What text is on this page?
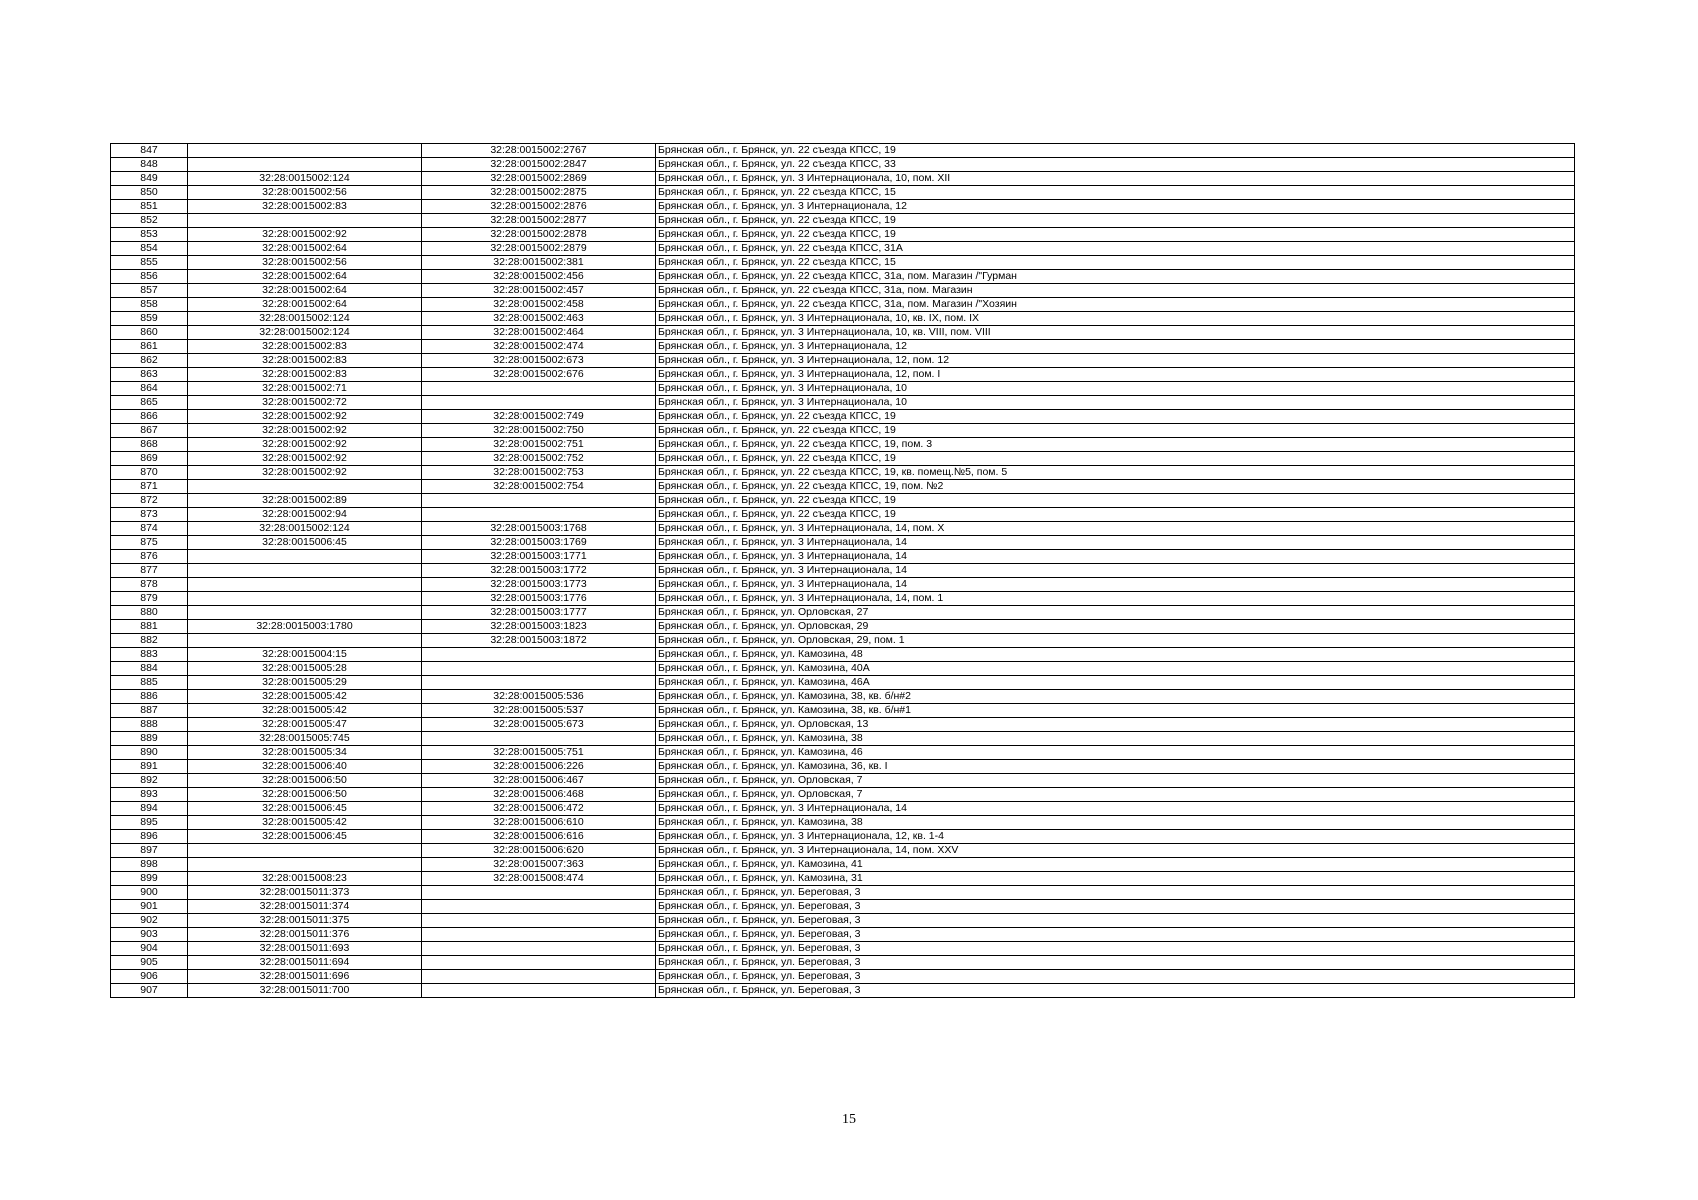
847		32:28:0015002:2767	Брянская обл., г. Брянск, ул. 22 съезда КПСС, 19
848		32:28:0015002:2847	Брянская обл., г. Брянск, ул. 22 съезда КПСС, 33
849	32:28:0015002:124	32:28:0015002:2869	Брянская обл., г. Брянск, ул. 3 Интернационала, 10, пом. XII
850	32:28:0015002:56	32:28:0015002:2875	Брянская обл., г. Брянск, ул. 22 съезда КПСС, 15
851	32:28:0015002:83	32:28:0015002:2876	Брянская обл., г. Брянск, ул. 3 Интернационала, 12
852		32:28:0015002:2877	Брянская обл., г. Брянск, ул. 22 съезда КПСС, 19
853	32:28:0015002:92	32:28:0015002:2878	Брянская обл., г. Брянск, ул. 22 съезда КПСС, 19
854	32:28:0015002:64	32:28:0015002:2879	Брянская обл., г. Брянск, ул. 22 съезда КПСС, 31А
855	32:28:0015002:56	32:28:0015002:381	Брянская обл., г. Брянск, ул. 22 съезда КПСС, 15
856	32:28:0015002:64	32:28:0015002:456	Брянская обл., г. Брянск, ул. 22 съезда КПСС, 31а, пом. Магазин /"Гурман
857	32:28:0015002:64	32:28:0015002:457	Брянская обл., г. Брянск, ул. 22 съезда КПСС, 31а, пом. Магазин
858	32:28:0015002:64	32:28:0015002:458	Брянская обл., г. Брянск, ул. 22 съезда КПСС, 31а, пом. Магазин /"Хозяин
859	32:28:0015002:124	32:28:0015002:463	Брянская обл., г. Брянск, ул. 3 Интернационала, 10, кв. IX, пом. IX
860	32:28:0015002:124	32:28:0015002:464	Брянская обл., г. Брянск, ул. 3 Интернационала, 10, кв. VIII, пом. VIII
861	32:28:0015002:83	32:28:0015002:474	Брянская обл., г. Брянск, ул. 3 Интернационала, 12
862	32:28:0015002:83	32:28:0015002:673	Брянская обл., г. Брянск, ул. 3 Интернационала, 12, пом. 12
863	32:28:0015002:83	32:28:0015002:676	Брянская обл., г. Брянск, ул. 3 Интернационала, 12, пом. I
864	32:28:0015002:71		Брянская обл., г. Брянск, ул. 3 Интернационала, 10
865	32:28:0015002:72		Брянская обл., г. Брянск, ул. 3 Интернационала, 10
866	32:28:0015002:92	32:28:0015002:749	Брянская обл., г. Брянск, ул. 22 съезда КПСС, 19
867	32:28:0015002:92	32:28:0015002:750	Брянская обл., г. Брянск, ул. 22 съезда КПСС, 19
868	32:28:0015002:92	32:28:0015002:751	Брянская обл., г. Брянск, ул. 22 съезда КПСС, 19, пом. 3
869	32:28:0015002:92	32:28:0015002:752	Брянская обл., г. Брянск, ул. 22 съезда КПСС, 19
870	32:28:0015002:92	32:28:0015002:753	Брянская обл., г. Брянск, ул. 22 съезда КПСС, 19, кв. помещ.№5, пом. 5
871		32:28:0015002:754	Брянская обл., г. Брянск, ул. 22 съезда КПСС, 19, пом. №2
872	32:28:0015002:89		Брянская обл., г. Брянск, ул. 22 съезда КПСС, 19
873	32:28:0015002:94		Брянская обл., г. Брянск, ул. 22 съезда КПСС, 19
874	32:28:0015002:124	32:28:0015003:1768	Брянская обл., г. Брянск, ул. 3 Интернационала, 14, пом. X
875	32:28:0015006:45	32:28:0015003:1769	Брянская обл., г. Брянск, ул. 3 Интернационала, 14
876		32:28:0015003:1771	Брянская обл., г. Брянск, ул. 3 Интернационала, 14
877		32:28:0015003:1772	Брянская обл., г. Брянск, ул. 3 Интернационала, 14
878		32:28:0015003:1773	Брянская обл., г. Брянск, ул. 3 Интернационала, 14
879		32:28:0015003:1776	Брянская обл., г. Брянск, ул. 3 Интернационала, 14, пом. 1
880		32:28:0015003:1777	Брянская обл., г. Брянск, ул. Орловская, 27
881	32:28:0015003:1780	32:28:0015003:1823	Брянская обл., г. Брянск, ул. Орловская, 29
882		32:28:0015003:1872	Брянская обл., г. Брянск, ул. Орловская, 29, пом. 1
883	32:28:0015004:15		Брянская обл., г. Брянск, ул. Камозина, 48
884	32:28:0015005:28		Брянская обл., г. Брянск, ул. Камозина, 40А
885	32:28:0015005:29		Брянская обл., г. Брянск, ул. Камозина, 46А
886	32:28:0015005:42	32:28:0015005:536	Брянская обл., г. Брянск, ул. Камозина, 38, кв. б/н#2
887	32:28:0015005:42	32:28:0015005:537	Брянская обл., г. Брянск, ул. Камозина, 38, кв. б/н#1
888	32:28:0015005:47	32:28:0015005:673	Брянская обл., г. Брянск, ул. Орловская, 13
889	32:28:0015005:745		Брянская обл., г. Брянск, ул. Камозина, 38
890	32:28:0015005:34	32:28:0015005:751	Брянская обл., г. Брянск, ул. Камозина, 46
891	32:28:0015006:40	32:28:0015006:226	Брянская обл., г. Брянск, ул. Камозина, 36, кв. I
892	32:28:0015006:50	32:28:0015006:467	Брянская обл., г. Брянск, ул. Орловская, 7
893	32:28:0015006:50	32:28:0015006:468	Брянская обл., г. Брянск, ул. Орловская, 7
894	32:28:0015006:45	32:28:0015006:472	Брянская обл., г. Брянск, ул. 3 Интернационала, 14
895	32:28:0015005:42	32:28:0015006:610	Брянская обл., г. Брянск, ул. Камозина, 38
896	32:28:0015006:45	32:28:0015006:616	Брянская обл., г. Брянск, ул. 3 Интернационала, 12, кв. 1-4
897		32:28:0015006:620	Брянская обл., г. Брянск, ул. 3 Интернационала, 14, пом. XXV
898		32:28:0015007:363	Брянская обл., г. Брянск, ул. Камозина, 41
899	32:28:0015008:23	32:28:0015008:474	Брянская обл., г. Брянск, ул. Камозина, 31
900	32:28:0015011:373		Брянская обл., г. Брянск, ул. Береговая, 3
901	32:28:0015011:374		Брянская обл., г. Брянск, ул. Береговая, 3
902	32:28:0015011:375		Брянская обл., г. Брянск, ул. Береговая, 3
903	32:28:0015011:376		Брянская обл., г. Брянск, ул. Береговая, 3
904	32:28:0015011:693		Брянская обл., г. Брянск, ул. Береговая, 3
905	32:28:0015011:694		Брянская обл., г. Брянск, ул. Береговая, 3
906	32:28:0015011:696		Брянская обл., г. Брянск, ул. Береговая, 3
907	32:28:0015011:700		Брянская обл., г. Брянск, ул. Береговая, 3
15
